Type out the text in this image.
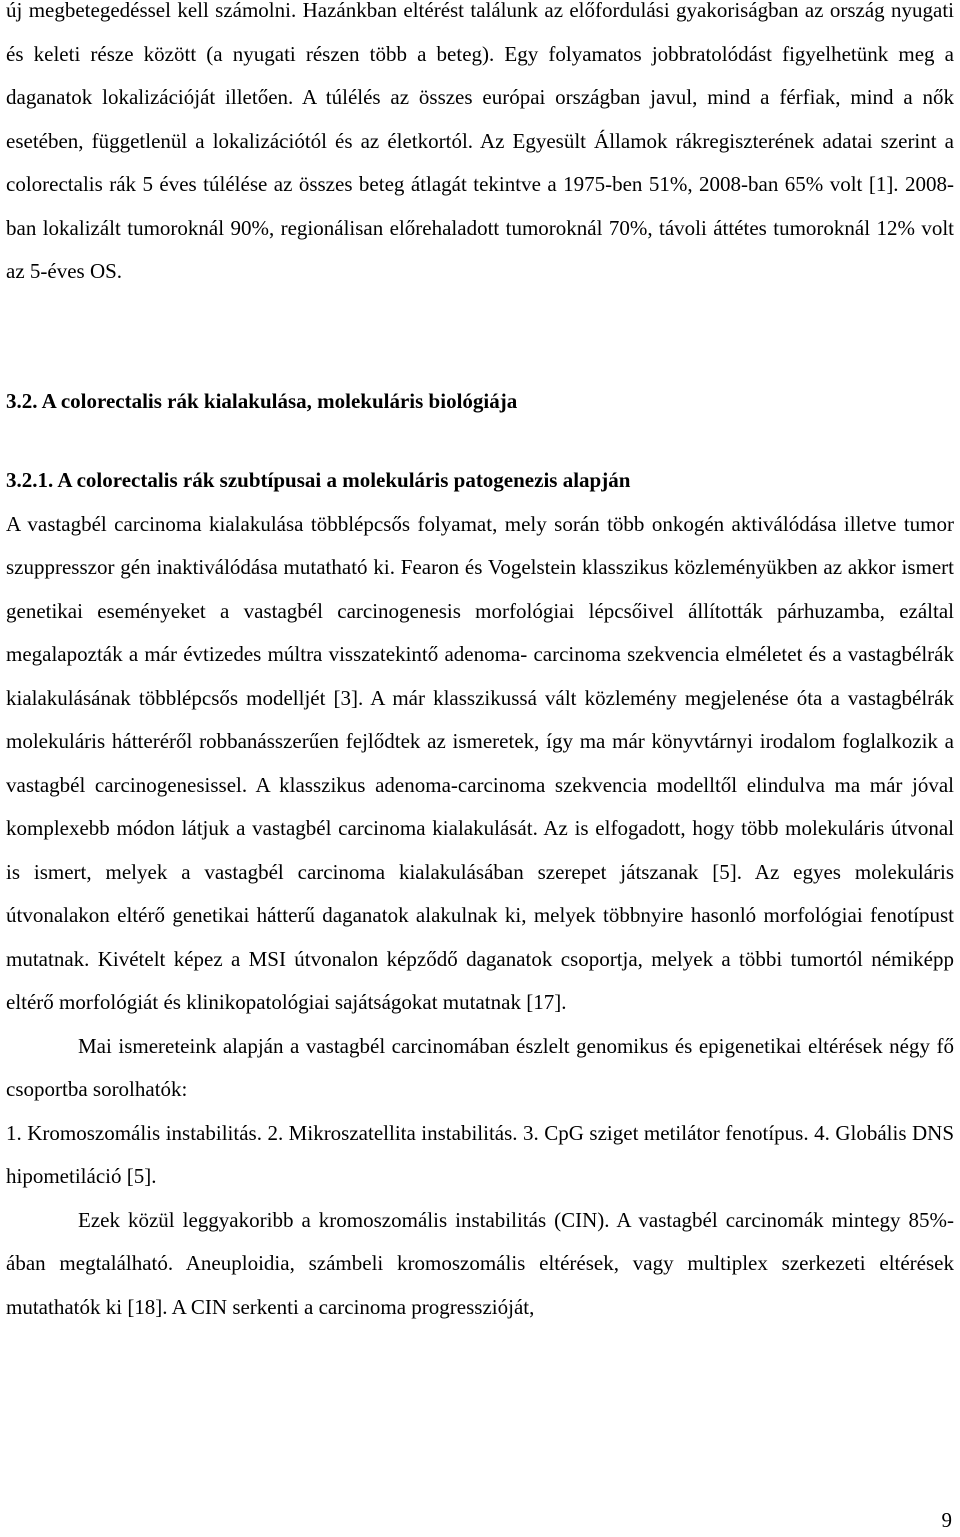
új megbetegedéssel kell számolni. Hazánkban eltérést találunk az előfordulási gyakoriságban az ország nyugati és keleti része között (a nyugati részen több a beteg). Egy folyamatos jobbratolódást figyelhetünk meg a daganatok lokalizációját illetően. A túlélés az összes európai országban javul, mind a férfiak, mind a nők esetében, függetlenül a lokalizációtól és az életkortól. Az Egyesült Államok rákregiszterének adatai szerint a colorectalis rák 5 éves túlélése az összes beteg átlagát tekintve a 1975-ben 51%, 2008-ban 65% volt [1]. 2008-ban lokalizált tumoroknál 90%, regionálisan előrehaladott tumoroknál 70%, távoli áttétes tumoroknál 12% volt az 5-éves OS.

3.2. A colorectalis rák kialakulása, molekuláris biológiája
3.2.1. A colorectalis rák szubtípusai a molekuláris patogenezis alapján

A vastagbél carcinoma kialakulása többlépcsős folyamat, mely során több onkogén aktiválódása illetve tumor szuppresszor gén inaktiválódása mutatható ki. Fearon és Vogelstein klasszikus közleményükben az akkor ismert genetikai eseményeket a vastagbél carcinogenesis morfológiai lépcsőivel állították párhuzamba, ezáltal megalapozták a már évtizedes múltra visszatekintő adenoma- carcinoma szekvencia elméletet és a vastagbélrák kialakulásának többlépcsős modelljét [3]. A már klasszikussá vált közlemény megjelenése óta a vastagbélrák molekuláris hátteréről robbanásszerűen fejlődtek az ismeretek, így ma már könyvtárnyi irodalom foglalkozik a vastagbél carcinogenesissel. A klasszikus adenoma-carcinoma szekvencia modelltől elindulva ma már jóval komplexebb módon látjuk a vastagbél carcinoma kialakulását. Az is elfogadott, hogy több molekuláris útvonal is ismert, melyek a vastagbél carcinoma kialakulásában szerepet játszanak [5]. Az egyes molekuláris útvonalakon eltérő genetikai hátterű daganatok alakulnak ki, melyek többnyire hasonló morfológiai fenotípust mutatnak. Kivételt képez a MSI útvonalon képződő daganatok csoportja, melyek a többi tumortól némiképp eltérő morfológiát és klinikopatológiai sajátságokat mutatnak [17].

Mai ismereteink alapján a vastagbél carcinomában észlelt genomikus és epigenetikai eltérések négy fő csoportba sorolhatók:

1. Kromoszomális instabilitás. 2. Mikroszatellita instabilitás. 3. CpG sziget metilátor fenotípus. 4. Globális DNS hipometiláció [5].

Ezek közül leggyakoribb a kromoszomális instabilitás (CIN). A vastagbél carcinomák mintegy 85%-ában megtalálható. Aneuploidia, számbeli kromoszomális eltérések, vagy multiplex szerkezeti eltérések mutathatók ki [18]. A CIN serkenti a carcinoma progresszióját,

9
